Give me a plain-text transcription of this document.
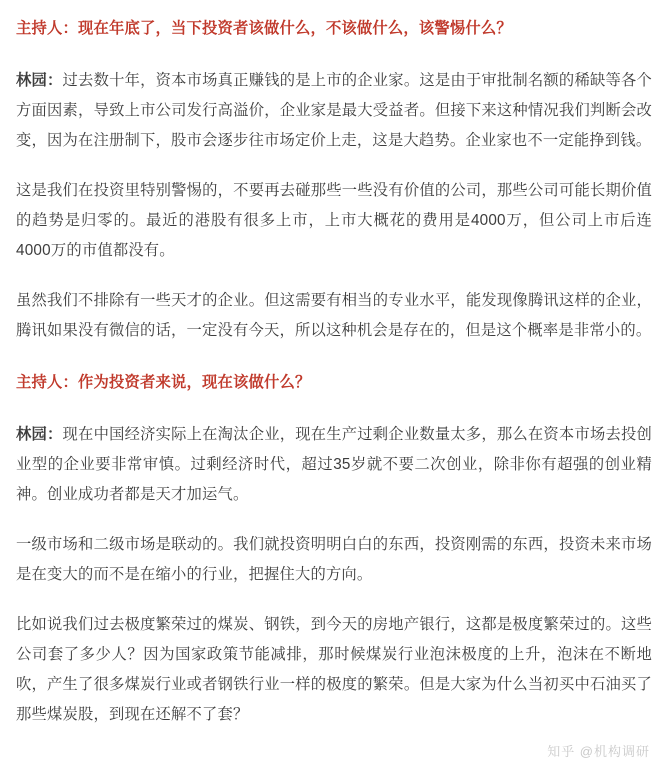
主持人：现在年底了，当下投资者该做什么，不该做什么，该警惕什么？

林园：过去数十年，资本市场真正赚钱的是上市的企业家。这是由于审批制名额的稀缺等各个方面因素，导致上市公司发行高溢价，企业家是最大受益者。但接下来这种情况我们判断会改变，因为在注册制下，股市会逐步往市场定价上走，这是大趋势。企业家也不一定能挣到钱。

这是我们在投资里特别警惕的，不要再去碰那些一些没有价值的公司，那些公司可能长期价值的趋势是归零的。最近的港股有很多上市，上市大概花的费用是4000万，但公司上市后连4000万的市值都没有。

虽然我们不排除有一些天才的企业。但这需要有相当的专业水平，能发现像腾讯这样的企业，腾讯如果没有微信的话，一定没有今天，所以这种机会是存在的，但是这个概率是非常小的。

主持人：作为投资者来说，现在该做什么？

林园：现在中国经济实际上在淘汰企业，现在生产过剩企业数量太多，那么在资本市场去投创业型的企业要非常审慎。过剩经济时代，超过35岁就不要二次创业，除非你有超强的创业精神。创业成功者都是天才加运气。

一级市场和二级市场是联动的。我们就投资明明白白的东西，投资刚需的东西，投资未来市场是在变大的而不是在缩小的行业，把握住大的方向。

比如说我们过去极度繁荣过的煤炭、钢铁，到今天的房地产银行，这都是极度繁荣过的。这些公司套了多少人？因为国家政策节能减排，那时候煤炭行业泡沫极度的上升，泡沫在不断地吹，产生了很多煤炭行业或者钢铁行业一样的极度的繁荣。但是大家为什么当初买中石油买了那些煤炭股，到现在还解不了套？

知乎 @机构调研
